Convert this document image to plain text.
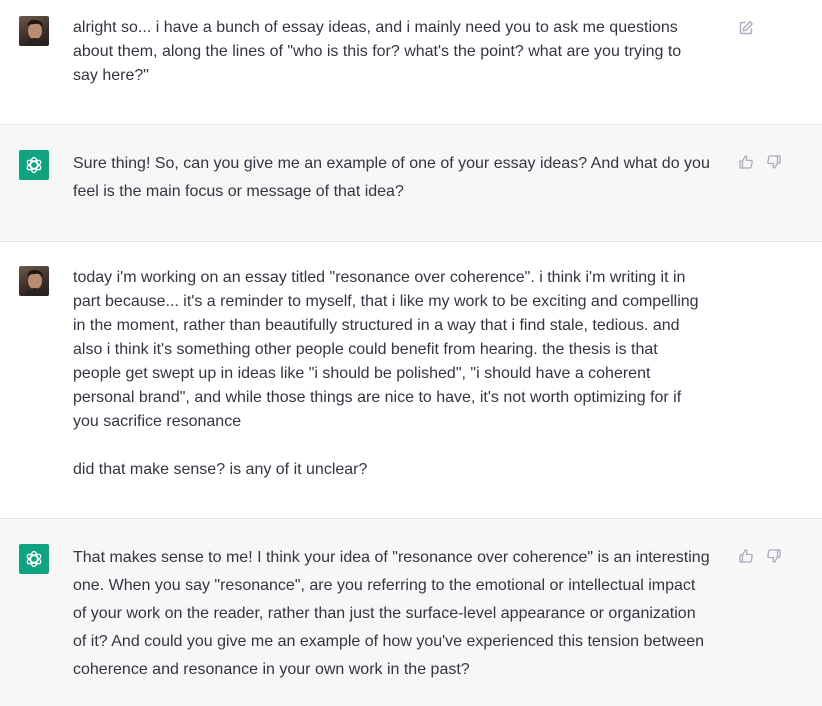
alright so... i have a bunch of essay ideas, and i mainly need you to ask me questions
about them, along the lines of "who is this for? what's the point? what are you trying to
say here?"

Sure thing! So, can you give me an example of one of your essay ideas? And what do you
feel is the main focus or message of that idea?

today i'm working on an essay titled "resonance over coherence". i think i'm writing it in
part because... it's a reminder to myself, that i like my work to be exciting and compelling
in the moment, rather than beautifully structured in a way that i find stale, tedious. and
also i think it's something other people could benefit from hearing. the thesis is that
people get swept up in ideas like "i should be polished", "i should have a coherent
personal brand", and while those things are nice to have, it's not worth optimizing for if
you sacrifice resonance

did that make sense? is any of it unclear?

That makes sense to me! I think your idea of "resonance over coherence" is an interesting
one. When you say "resonance", are you referring to the emotional or intellectual impact
of your work on the reader, rather than just the surface-level appearance or organization
of it? And could you give me an example of how you've experienced this tension between
coherence and resonance in your own work in the past?
